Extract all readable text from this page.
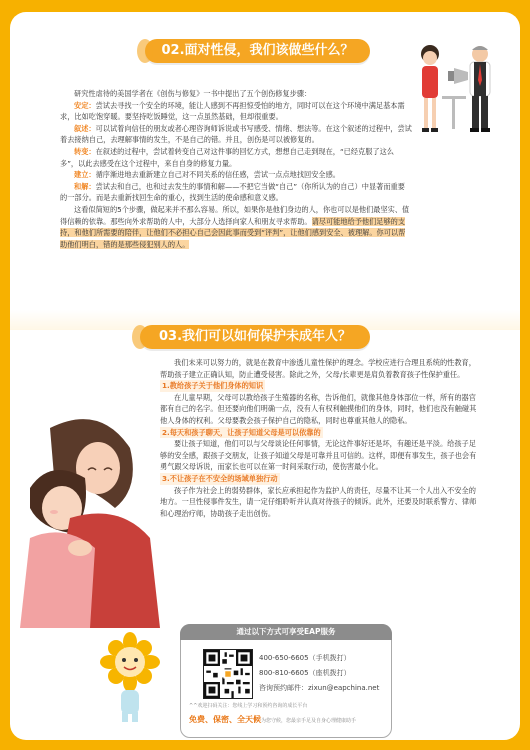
02.面对性侵，我们该做些什么？

研究性虐待的美国学者在《创伤与修复》一书中提出了五个创伤修复步骤：

安定：尝试去寻找一个安全的环境，能让人感到不再担惊受怕的地方，同时可以在这个环境中满足基本需求，比如吃饱穿暖。要坚持吃饭睡觉，这一点虽然基础，但却很重要。

叙述：可以试着向信任的朋友或者心理咨询师诉说或书写感受、情绪、想法等。在这个叙述的过程中，尝试着去接纳自己，去理解事情的发生，不是自己的错。并且，创伤是可以被修复的。

转变：在叙述的过程中，尝试着转变自己对这件事的回忆方式，想想自己走到现在，“已经克服了这么多”，以此去感受在这个过程中，来自自身的修复力量。

建立：循序渐进地去重新建立自己对不同关系的信任感，尝试一点点地找回安全感。

和解：尝试去和自己，也和过去发生的事情和解——不把它当做“自己”（你所认为的自己）中显著而重要的一部分。而是去重新找回生命的重心，找到生活的使命感和意义感。

这看似简短的5个步骤，做起来并不那么容易。所以，如果你是他们身边的人，你也可以是他们最坚实、值得信赖的依靠。那些向外求帮助的人中，大部分人选择向家人和朋友寻求帮助。请尽可能地给予他们足够的支持，和他们所需要的陪伴，让他们不必担心自己会因此事而受到“评判”，让他们感到安全、被理解。你可以帮助他们明白，错的是那些侵犯别人的人。

03.我们可以如何保护未成年人？

我们未来可以努力的，就是在教育中渗透儿童性保护的理念。学校应进行合理且系统的性教育，帮助孩子建立正确认知，防止遭受侵害。除此之外，父母/长辈更是肩负着教育孩子性保护重任。

1.教给孩子关于他们身体的知识

在儿童早期，父母可以教给孩子生殖器的名称，告诉他们，就像其他身体部位一样，所有的器官都有自己的名字。但还要向他们明确一点，没有人有权利触摸他们的身体，同时，他们也没有触碰其他人身体的权利。父母要教会孩子保护自己的隐私，同时也尊重其他人的隐私。

2.每天和孩子聊天，让孩子知道父母是可以依靠的

要让孩子知道，他们可以与父母谈论任何事情，无论这件事好还是坏，有趣还是平淡。给孩子足够的安全感，跟孩子交朋友，让孩子知道父母是可靠并且可信的。这样，即便有事发生，孩子也会有勇气跟父母诉说，而家长也可以在第一时间采取行动，使伤害最小化。

3.不让孩子在不安全的场域单独行动

孩子作为社会上的弱势群体，家长应承担起作为监护人的责任，尽量不让其一个人出入不安全的地方。一旦性侵事件发生，请一定仔细聆听并认真对待孩子的倾诉。此外，还要及时联系警方、律师和心理治疗师，协助孩子走出创伤。

通过以下方式可享受EAP服务
400-650-6605（手机拨打）
800-810-6605（座机拨打）
咨询预约邮件：zixun@eapchina.net
^^欢迎扫码关注：您线上学习和预约咨询的成长平台
免费、保密、全天候为您守候，您最亲手足及自身心理健康助手
